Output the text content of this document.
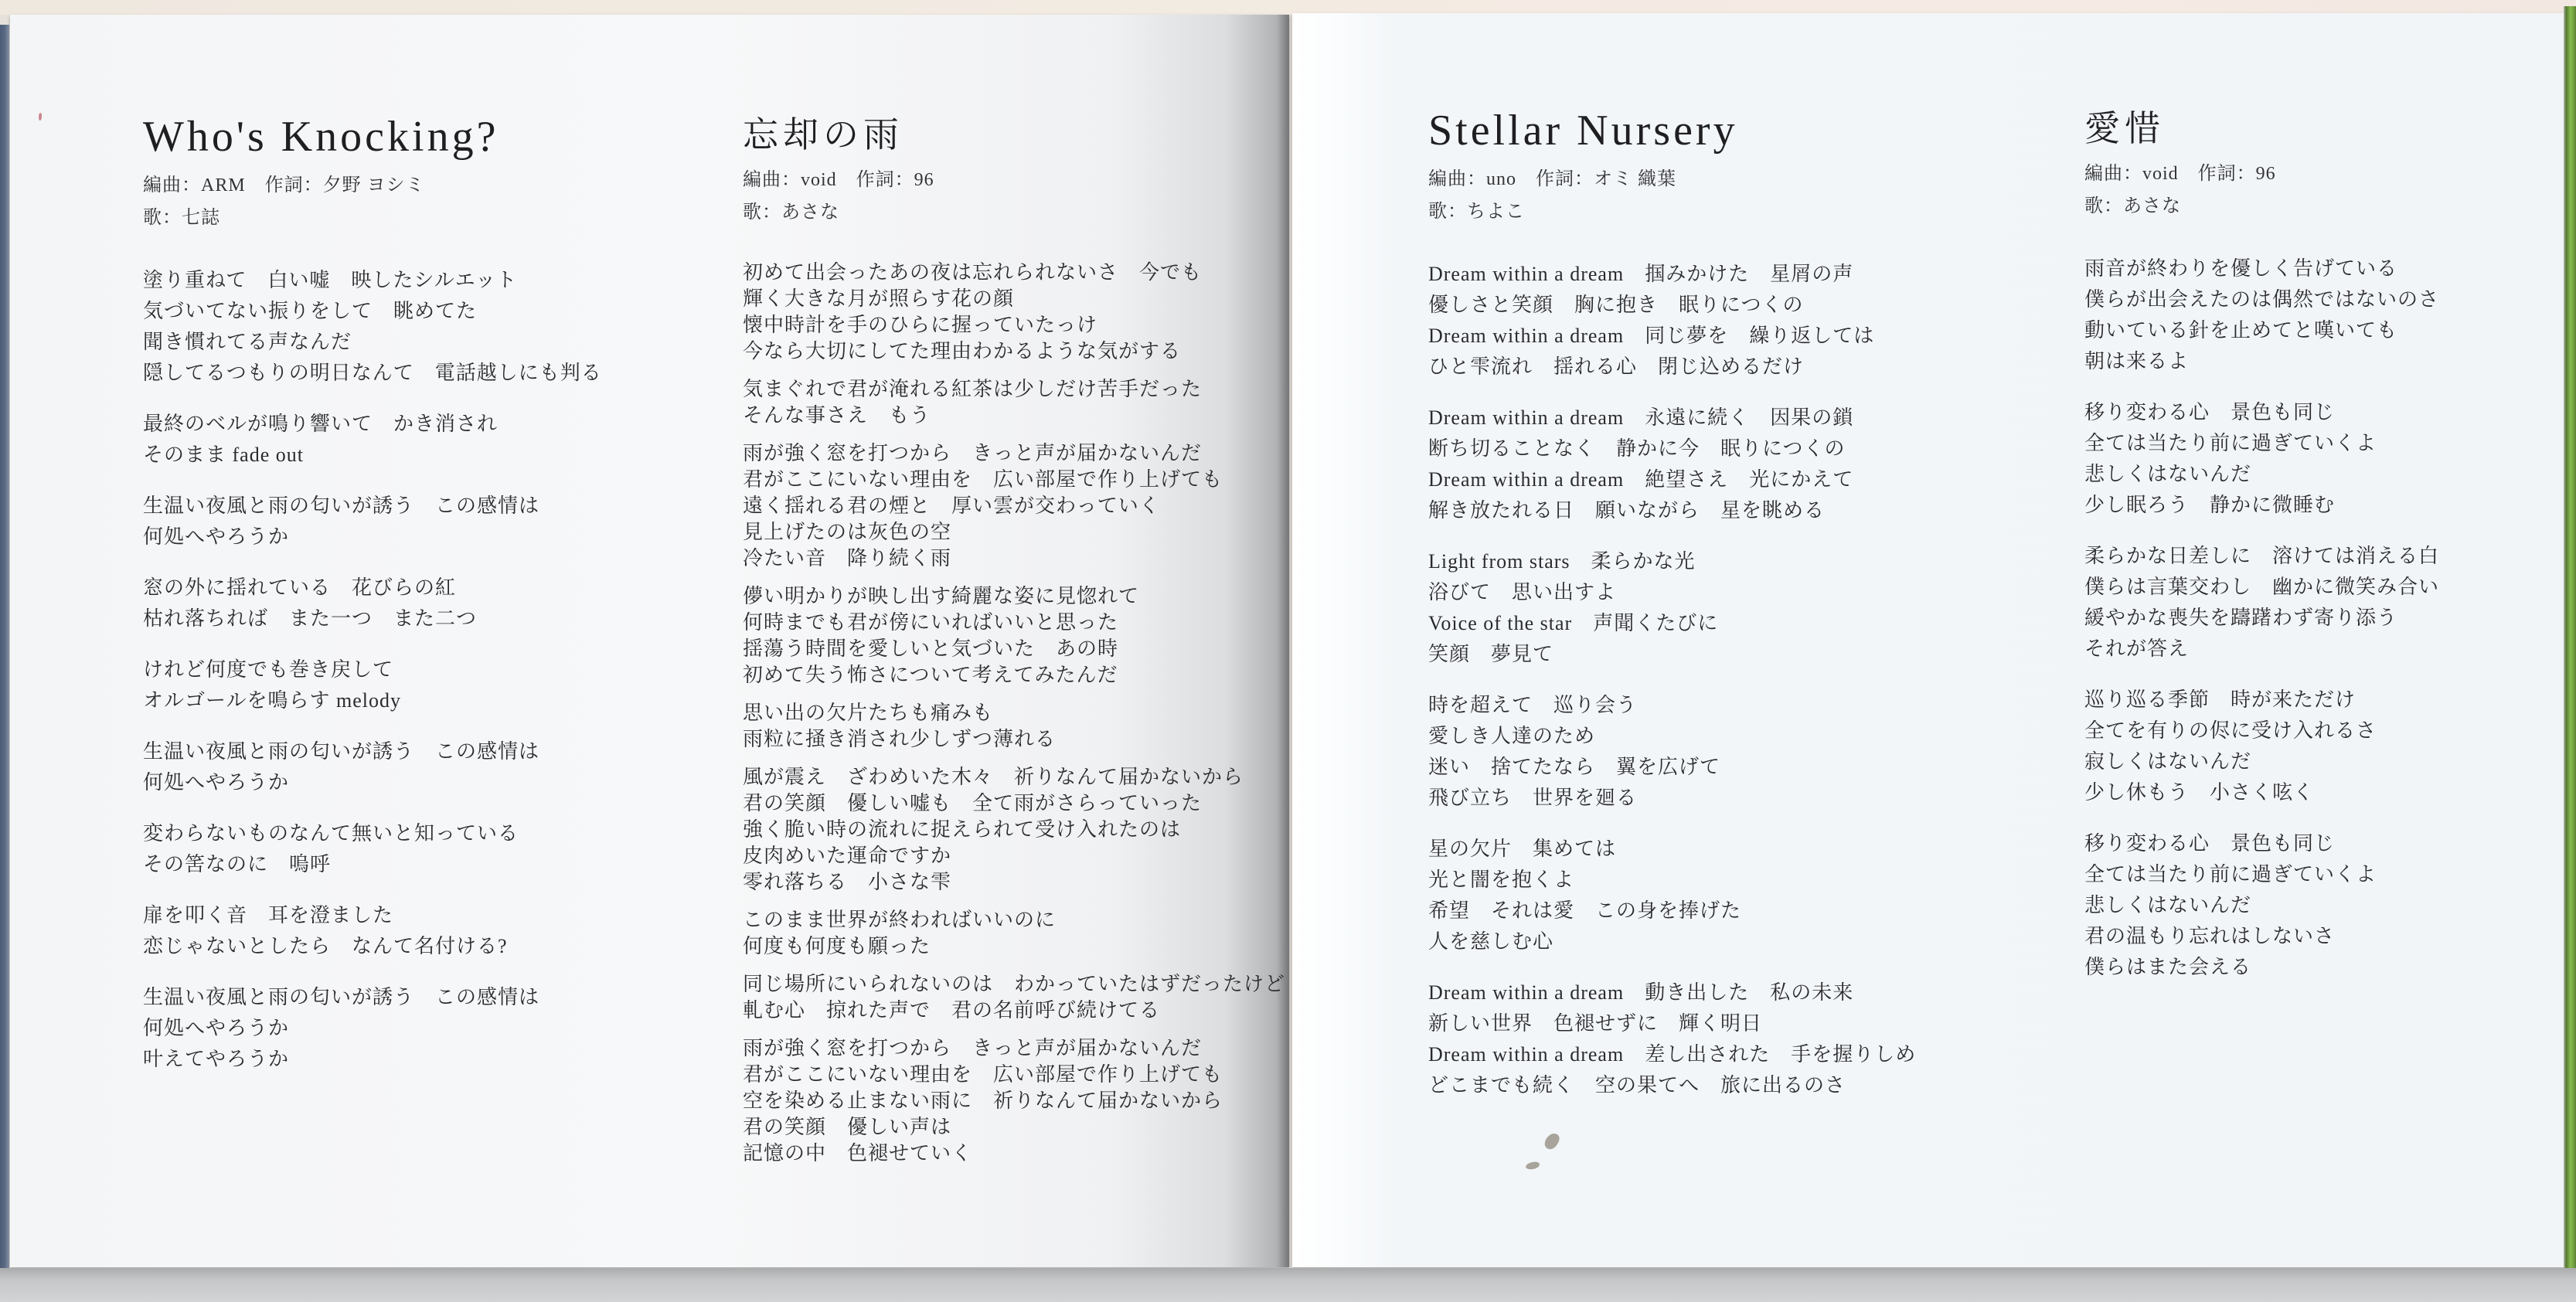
Who's Knocking?
編曲：ARM　作詞：夕野 ヨシミ
歌：七誌

塗り重ねて　白い嘘　映したシルエット
気づいてない振りをして　眺めてた
聞き慣れてる声なんだ
隠してるつもりの明日なんて　電話越しにも判る

最終のベルが鳴り響いて　かき消され
そのまま fade out

生温い夜風と雨の匂いが誘う　この感情は
何処へやろうか

窓の外に揺れている　花びらの紅
枯れ落ちれば　また一つ　また二つ

けれど何度でも巻き戻して
オルゴールを鳴らす melody

生温い夜風と雨の匂いが誘う　この感情は
何処へやろうか

変わらないものなんて無いと知っている
その筈なのに　嗚呼

扉を叩く音　耳を澄ました
恋じゃないとしたら　なんて名付ける?

生温い夜風と雨の匂いが誘う　この感情は
何処へやろうか
叶えてやろうか

忘却の雨
編曲：void　作詞：96
歌：あさな

初めて出会ったあの夜は忘れられないさ　今でも
輝く大きな月が照らす花の顔
懐中時計を手のひらに握っていたっけ
今なら大切にしてた理由わかるような気がする

気まぐれで君が淹れる紅茶は少しだけ苦手だった
そんな事さえ　もう

雨が強く窓を打つから　きっと声が届かないんだ
君がここにいない理由を　広い部屋で作り上げても
遠く揺れる君の煙と　厚い雲が交わっていく
見上げたのは灰色の空
冷たい音　降り続く雨

儚い明かりが映し出す綺麗な姿に見惚れて
何時までも君が傍にいればいいと思った
揺蕩う時間を愛しいと気づいた　あの時
初めて失う怖さについて考えてみたんだ

思い出の欠片たちも痛みも
雨粒に掻き消され少しずつ薄れる

風が震え　ざわめいた木々　祈りなんて届かないから
君の笑顔　優しい嘘も　全て雨がさらっていった
強く脆い時の流れに捉えられて受け入れたのは
皮肉めいた運命ですか
零れ落ちる　小さな雫

このまま世界が終わればいいのに
何度も何度も願った

同じ場所にいられないのは　わかっていたはずだったけど
軋む心　掠れた声で　君の名前呼び続けてる

雨が強く窓を打つから　きっと声が届かないんだ
君がここにいない理由を　広い部屋で作り上げても
空を染める止まない雨に　祈りなんて届かないから
君の笑顔　優しい声は
記憶の中　色褪せていく

Stellar Nursery
編曲：uno　作詞：オミ 織葉
歌：ちよこ

Dream within a dream　掴みかけた　星屑の声
優しさと笑顔　胸に抱き　眠りにつくの
Dream within a dream　同じ夢を　繰り返しては
ひと雫流れ　揺れる心　閉じ込めるだけ

Dream within a dream　永遠に続く　因果の鎖
断ち切ることなく　静かに今　眠りにつくの
Dream within a dream　絶望さえ　光にかえて
解き放たれる日　願いながら　星を眺める

Light from stars　柔らかな光
浴びて　思い出すよ
Voice of the star　声聞くたびに
笑顔　夢見て

時を超えて　巡り会う
愛しき人達のため
迷い　捨てたなら　翼を広げて
飛び立ち　世界を廻る

星の欠片　集めては
光と闇を抱くよ
希望　それは愛　この身を捧げた
人を慈しむ心

Dream within a dream　動き出した　私の未来
新しい世界　色褪せずに　輝く明日
Dream within a dream　差し出された　手を握りしめ
どこまでも続く　空の果てへ　旅に出るのさ

愛惜
編曲：void　作詞：96
歌：あさな

雨音が終わりを優しく告げている
僕らが出会えたのは偶然ではないのさ
動いている針を止めてと嘆いても
朝は来るよ

移り変わる心　景色も同じ
全ては当たり前に過ぎていくよ
悲しくはないんだ
少し眠ろう　静かに微睡む

柔らかな日差しに　溶けては消える白
僕らは言葉交わし　幽かに微笑み合い
緩やかな喪失を躊躇わず寄り添う
それが答え

巡り巡る季節　時が来ただけ
全てを有りの侭に受け入れるさ
寂しくはないんだ
少し休もう　小さく呟く

移り変わる心　景色も同じ
全ては当たり前に過ぎていくよ
悲しくはないんだ
君の温もり忘れはしないさ
僕らはまた会える
